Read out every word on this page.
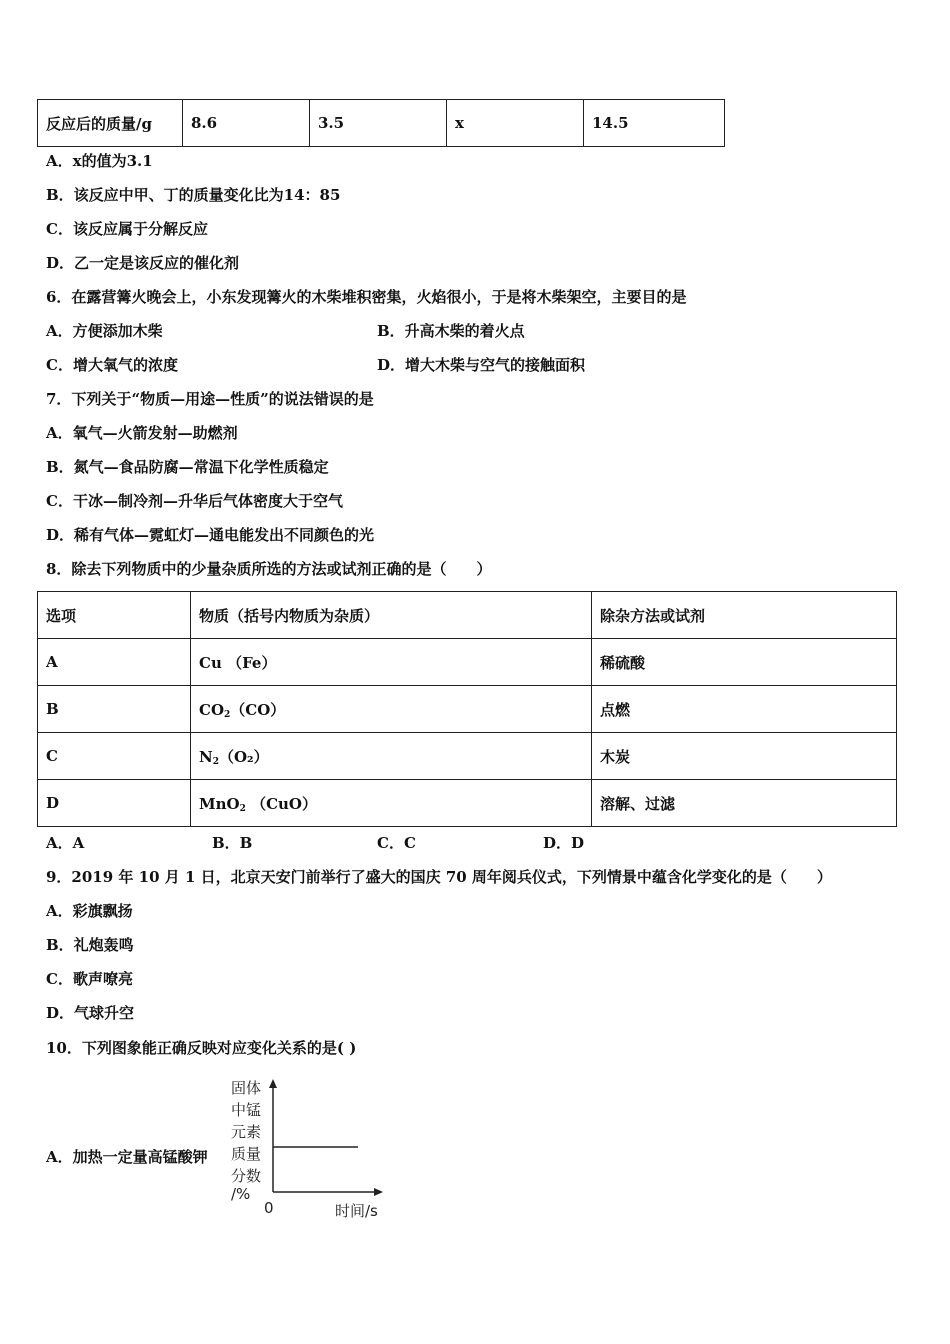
反应后的质量/g	8.6	3.5	x	14.5
A．x的值为3.1
B．该反应中甲、丁的质量变化比为14：85
C．该反应属于分解反应
D．乙一定是该反应的催化剂
6．在露营篝火晚会上，小东发现篝火的木柴堆积密集，火焰很小，于是将木柴架空，主要目的是
A．方便添加木柴	B．升高木柴的着火点
C．增大氧气的浓度	D．增大木柴与空气的接触面积
7．下列关于“物质—用途—性质”的说法错误的是
A．氧气—火箭发射—助燃剂
B．氮气—食品防腐—常温下化学性质稳定
C．干冰—制冷剂—升华后气体密度大于空气
D．稀有气体—霓虹灯—通电能发出不同颜色的光
8．除去下列物质中的少量杂质所选的方法或试剂正确的是（　　）
选项	物质（括号内物质为杂质）	除杂方法或试剂
A	Cu （Fe）	稀硫酸
B	$CO_2(CO)$	点燃
C	$N_2(O_2)$	木炭
D	MnO$_2$ （CuO）	溶解、过滤
A．A	B．B	C．C	D．D
9．2019 年 10 月 1 日，北京天安门前举行了盛大的国庆 70 周年阅兵仪式，下列情景中蕴含化学变化的是（　　）
A．彩旗飘扬
B．礼炮轰鸣
C．歌声嘹亮
D．气球升空
10．下列图象能正确反映对应变化关系的是( )
A．加热一定量高锰酸钾
固体
中锰
元素
质量
分数
/%
0	时间/s
